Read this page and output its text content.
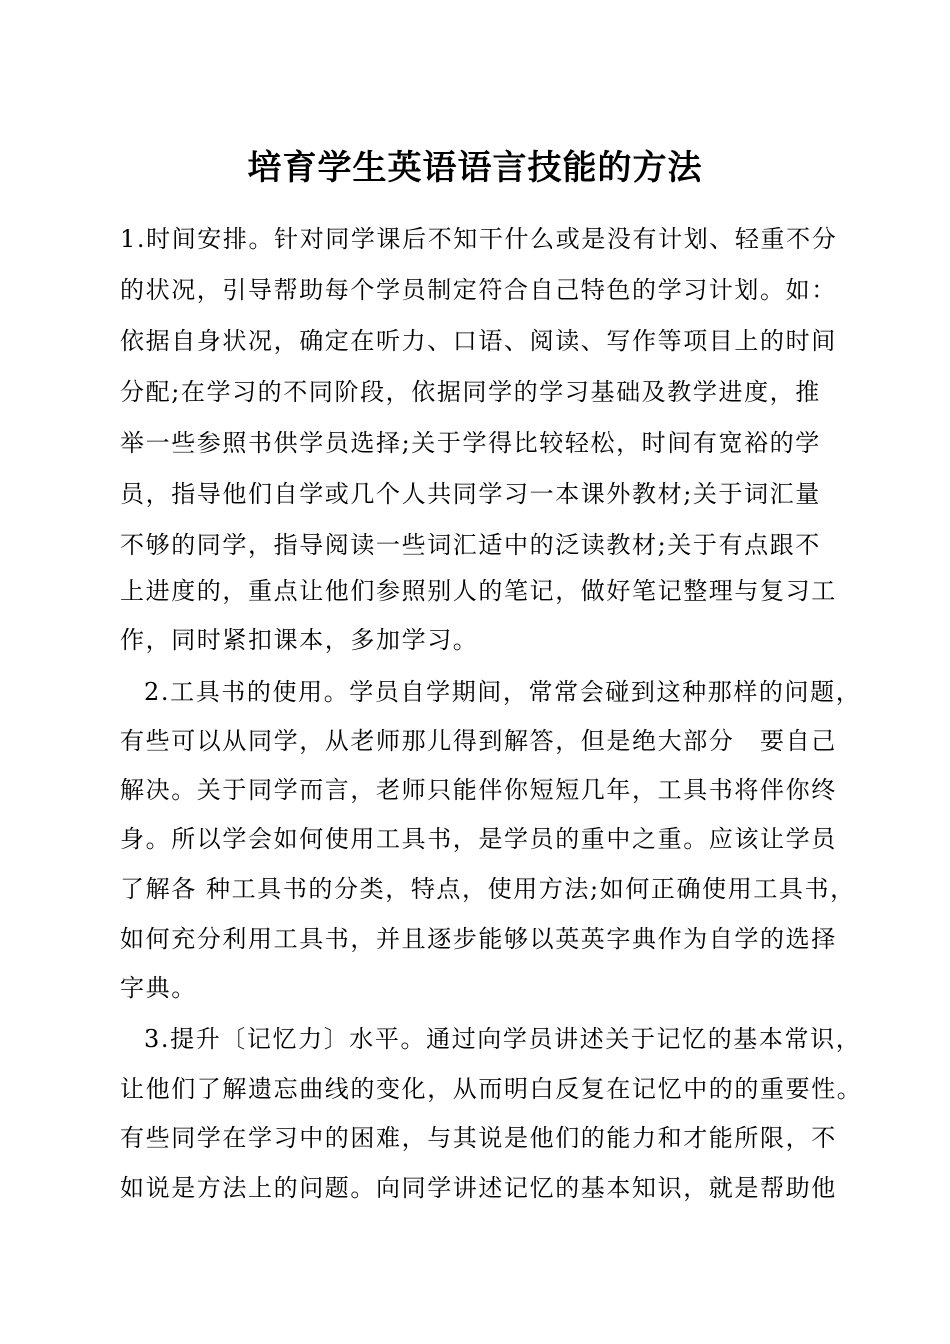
培育学生英语语言技能的方法
1.时间安排。针对同学课后不知干什么或是没有计划、轻重不分
的状况，引导帮助每个学员制定符合自己特色的学习计划。如：
依据自身状况，确定在听力、口语、阅读、写作等项目上的时间
分配;在学习的不同阶段，依据同学的学习基础及教学进度，推
举一些参照书供学员选择;关于学得比较轻松，时间有宽裕的学
员，指导他们自学或几个人共同学习一本课外教材;关于词汇量
不够的同学，指导阅读一些词汇适中的泛读教材;关于有点跟不
上进度的，重点让他们参照别人的笔记，做好笔记整理与复习工
作，同时紧扣课本，多加学习。
2.工具书的使用。学员自学期间，常常会碰到这种那样的问题，
有些可以从同学，从老师那儿得到解答，但是绝大部分　要自己
解决。关于同学而言，老师只能伴你短短几年，工具书将伴你终
身。所以学会如何使用工具书，是学员的重中之重。应该让学员
了解各 种工具书的分类，特点，使用方法;如何正确使用工具书，
如何充分利用工具书，并且逐步能够以英英字典作为自学的选择
字典。
3.提升〔记忆力〕水平。通过向学员讲述关于记忆的基本常识，
让他们了解遗忘曲线的变化，从而明白反复在记忆中的的重要性。
有些同学在学习中的困难，与其说是他们的能力和才能所限，不
如说是方法上的问题。向同学讲述记忆的基本知识，就是帮助他
